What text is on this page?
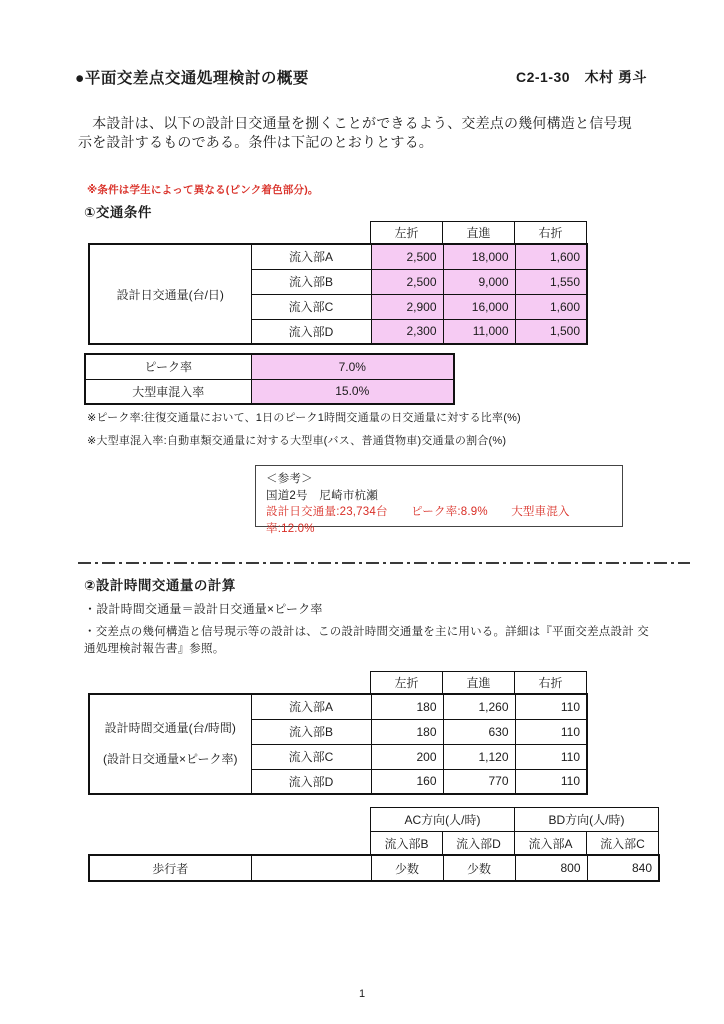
●平面交差点交通処理検討の概要	C2-1-30　木村 勇斗
　本設計は、以下の設計日交通量を捌くことができるよう、交差点の幾何構造と信号現示を設計するものである。条件は下記のとおりとする。
※条件は学生によって異なる(ピンク着色部分)。
①交通条件
左折	直進	右折
設計日交通量(台/日)	流入部A	2,500	18,000	1,600
	流入部B	2,500	9,000	1,550
	流入部C	2,900	16,000	1,600
	流入部D	2,300	11,000	1,500
ピーク率	7.0%
大型車混入率	15.0%
※ピーク率:往復交通量において、1日のピーク1時間交通量の日交通量に対する比率(%)
※大型車混入率:自動車類交通量に対する大型車(バス、普通貨物車)交通量の割合(%)
＜参考＞
国道2号　尼崎市杭瀬
設計日交通量:23,734台　　ピーク率:8.9%　　大型車混入率:12.0%
②設計時間交通量の計算
・設計時間交通量＝設計日交通量×ピーク率
・交差点の幾何構造と信号現示等の設計は、この設計時間交通量を主に用いる。詳細は『平面交差点設計 交通処理検討報告書』参照。
左折	直進	右折
設計時間交通量(台/時間)
(設計日交通量×ピーク率)	流入部A	180	1,260	110
	流入部B	180	630	110
	流入部C	200	1,120	110
	流入部D	160	770	110
AC方向(人/時)		BD方向(人/時)	
流入部B	流入部D	流入部A	流入部C
歩行者		少数	少数	800	840
1
